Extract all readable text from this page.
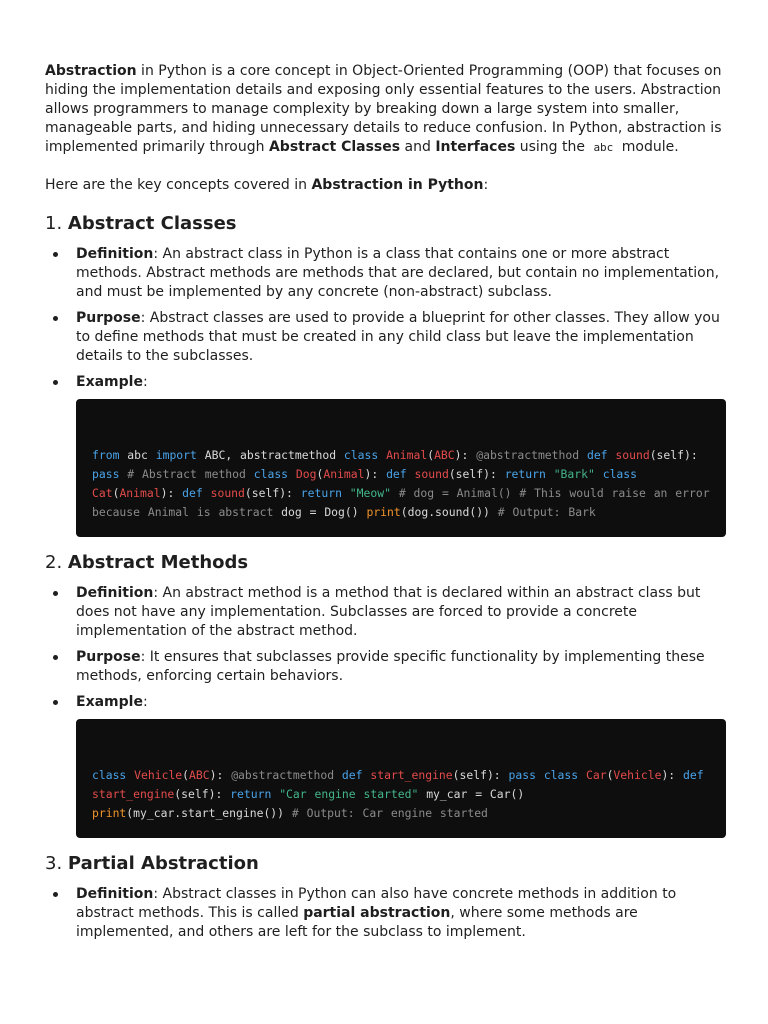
Abstraction in Python is a core concept in Object-Oriented Programming (OOP) that focuses on hiding the implementation details and exposing only essential features to the users. Abstraction allows programmers to manage complexity by breaking down a large system into smaller, manageable parts, and hiding unnecessary details to reduce confusion. In Python, abstraction is implemented primarily through Abstract Classes and Interfaces using the abc module.

Here are the key concepts covered in Abstraction in Python:

1. Abstract Classes
Definition: An abstract class in Python is a class that contains one or more abstract methods. Abstract methods are methods that are declared, but contain no implementation, and must be implemented by any concrete (non-abstract) subclass.
Purpose: Abstract classes are used to provide a blueprint for other classes. They allow you to define methods that must be created in any child class but leave the implementation details to the subclasses.
Example:
from abc import ABC, abstractmethod class Animal(ABC): @abstractmethod def sound(self): pass # Abstract method class Dog(Animal): def sound(self): return "Bark" class Cat(Animal): def sound(self): return "Meow" # dog = Animal() # This would raise an error because Animal is abstract dog = Dog() print(dog.sound()) # Output: Bark
2. Abstract Methods
Definition: An abstract method is a method that is declared within an abstract class but does not have any implementation. Subclasses are forced to provide a concrete implementation of the abstract method.
Purpose: It ensures that subclasses provide specific functionality by implementing these methods, enforcing certain behaviors.
Example:
class Vehicle(ABC): @abstractmethod def start_engine(self): pass class Car(Vehicle): def start_engine(self): return "Car engine started" my_car = Car() print(my_car.start_engine()) # Output: Car engine started
3. Partial Abstraction
Definition: Abstract classes in Python can also have concrete methods in addition to abstract methods. This is called partial abstraction, where some methods are implemented, and others are left for the subclass to implement.
